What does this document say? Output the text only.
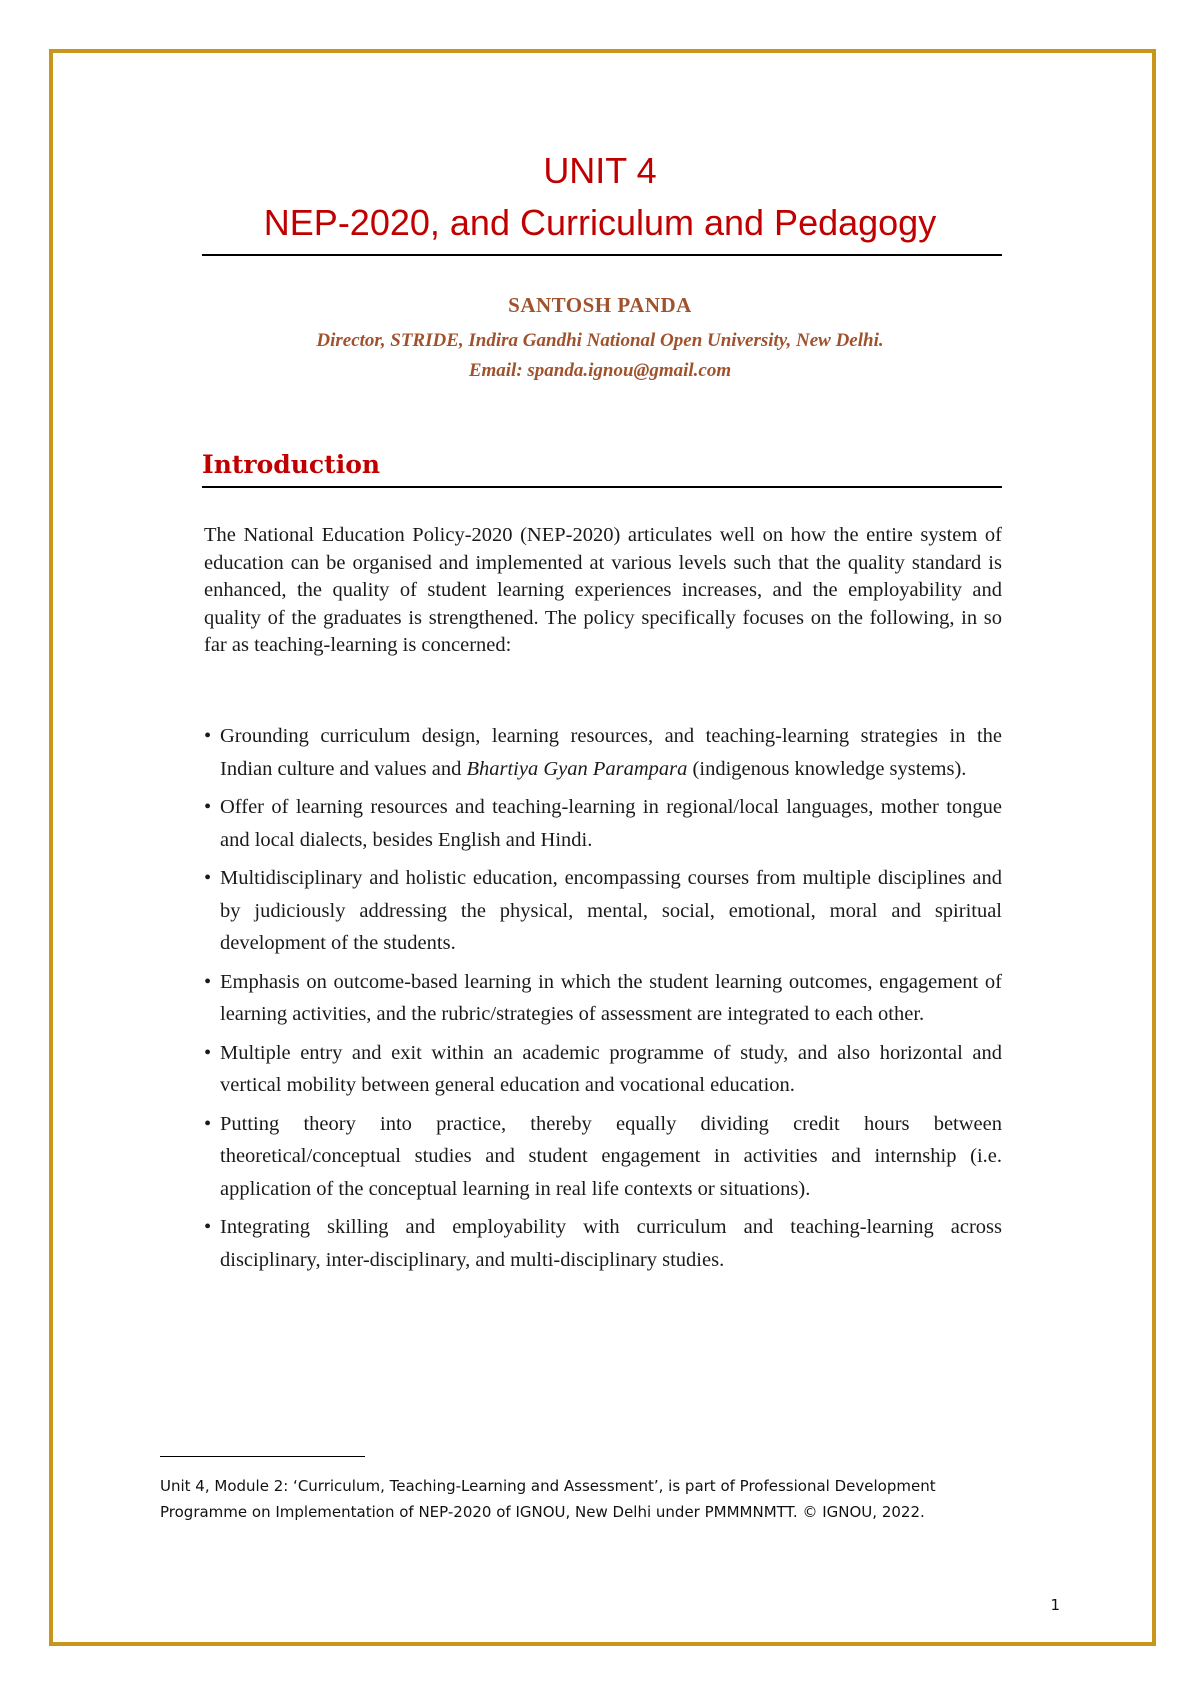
UNIT 4
NEP-2020, and Curriculum and Pedagogy
SANTOSH PANDA
Director, STRIDE, Indira Gandhi National Open University, New Delhi.
Email: spanda.ignou@gmail.com
Introduction

The National Education Policy-2020 (NEP-2020) articulates well on how the entire system of education can be organised and implemented at various levels such that the quality standard is enhanced, the quality of student learning experiences increases, and the employability and quality of the graduates is strengthened. The policy specifically focuses on the following, in so far as teaching-learning is concerned:

• Grounding curriculum design, learning resources, and teaching-learning strategies in the Indian culture and values and Bhartiya Gyan Parampara (indigenous knowledge systems).
• Offer of learning resources and teaching-learning in regional/local languages, mother tongue and local dialects, besides English and Hindi.
• Multidisciplinary and holistic education, encompassing courses from multiple disciplines and by judiciously addressing the physical, mental, social, emotional, moral and spiritual development of the students.
• Emphasis on outcome-based learning in which the student learning outcomes, engagement of learning activities, and the rubric/strategies of assessment are integrated to each other.
• Multiple entry and exit within an academic programme of study, and also horizontal and vertical mobility between general education and vocational education.
• Putting theory into practice, thereby equally dividing credit hours between theoretical/conceptual studies and student engagement in activities and internship (i.e. application of the conceptual learning in real life contexts or situations).
• Integrating skilling and employability with curriculum and teaching-learning across disciplinary, inter-disciplinary, and multi-disciplinary studies.
Unit 4, Module 2: ‘Curriculum, Teaching-Learning and Assessment’, is part of Professional Development
Programme on Implementation of NEP-2020 of IGNOU, New Delhi under PMMMNMTT. © IGNOU, 2022.
1
